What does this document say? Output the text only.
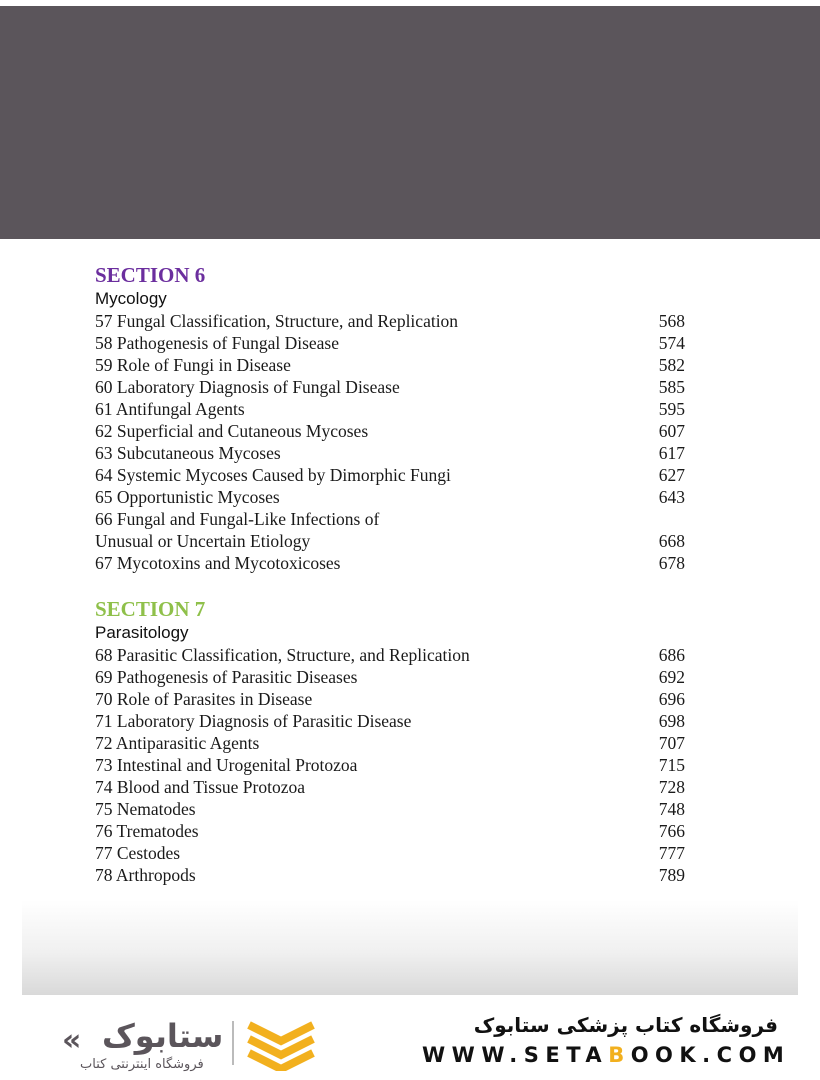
SECTION 6

Mycology

57 Fungal Classification, Structure, and Replication	568
58 Pathogenesis of Fungal Disease	574
59 Role of Fungi in Disease	582
60 Laboratory Diagnosis of Fungal Disease	585
61 Antifungal Agents	595
62 Superficial and Cutaneous Mycoses	607
63 Subcutaneous Mycoses	617
64 Systemic Mycoses Caused by Dimorphic Fungi	627
65 Opportunistic Mycoses	643
66 Fungal and Fungal-Like Infections of
Unusual or Uncertain Etiology	668
67 Mycotoxins and Mycotoxicoses	678
SECTION 7

Parasitology

68 Parasitic Classification, Structure, and Replication	686
69 Pathogenesis of Parasitic Diseases	692
70 Role of Parasites in Disease	696
71 Laboratory Diagnosis of Parasitic Disease	698
72 Antiparasitic Agents	707
73 Intestinal and Urogenital Protozoa	715
74 Blood and Tissue Protozoa	728
75 Nematodes	748
76 Trematodes	766
77 Cestodes	777
78 Arthropods	789
« ستابوک
فروشگاه اینترنتی کتاب
فروشگاه کتاب پزشکی ستابوک
WWW.SETABOOK.COM
